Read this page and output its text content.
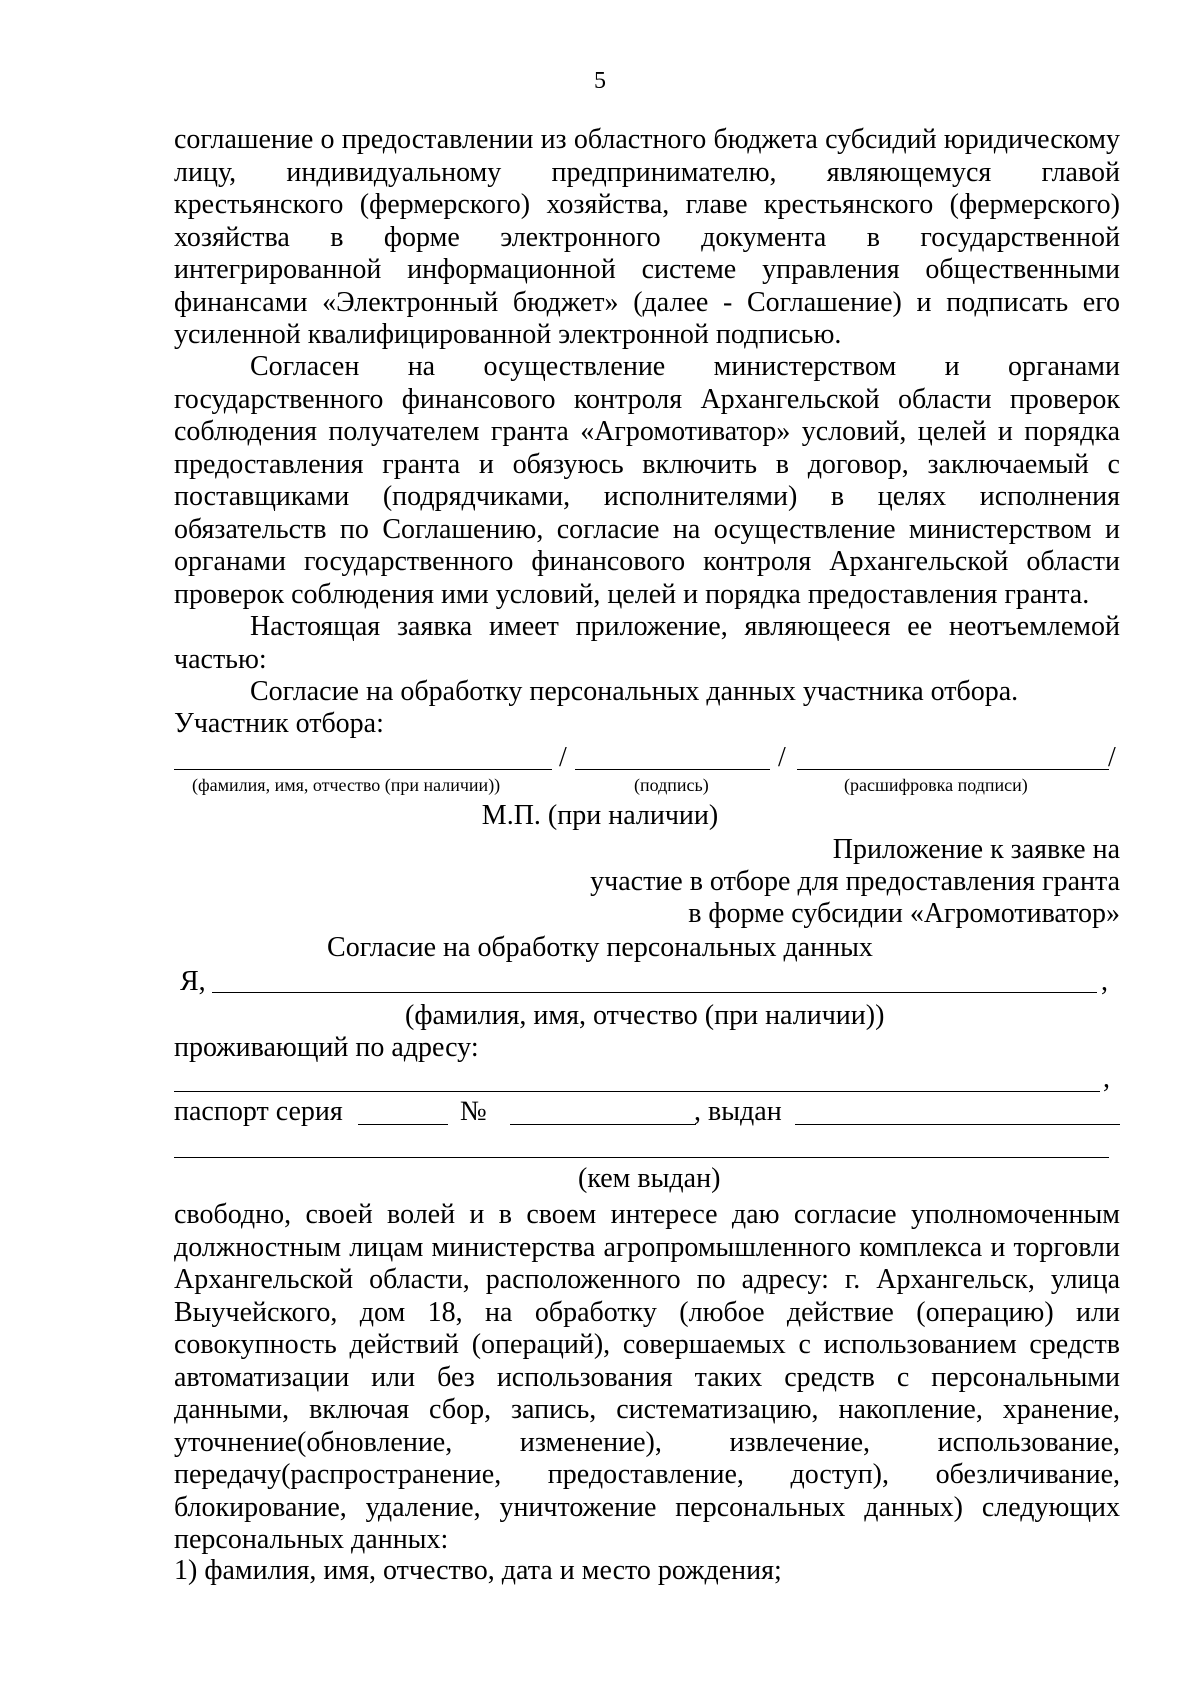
5
соглашение о предоставлении из областного бюджета субсидий юридическому лицу, индивидуальному предпринимателю, являющемуся главой крестьянского (фермерского) хозяйства, главе крестьянского (фермерского) хозяйства в форме электронного документа в государственной интегрированной информационной системе управления общественными финансами «Электронный бюджет» (далее - Соглашение) и подписать его усиленной квалифицированной электронной подписью.
Согласен на осуществление министерством и органами государственного финансового контроля Архангельской области проверок соблюдения получателем гранта «Агромотиватор» условий, целей и порядка предоставления гранта и обязуюсь включить в договор, заключаемый с поставщиками (подрядчиками, исполнителями) в целях исполнения обязательств по Соглашению, согласие на осуществление министерством и органами государственного финансового контроля Архангельской области проверок соблюдения ими условий, целей и порядка предоставления гранта.
Настоящая заявка имеет приложение, являющееся ее неотъемлемой частью:
Согласие на обработку персональных данных участника отбора.
Участник отбора:
/	/	/
(фамилия, имя, отчество (при наличии))	(подпись)	(расшифровка подписи)
М.П. (при наличии)
Приложение к заявке на
участие в отборе для предоставления гранта
в форме субсидии «Агромотиватор»
Согласие на обработку персональных данных
Я,	,
(фамилия, имя, отчество (при наличии))
проживающий по адресу:
,
паспорт серия	№	, выдан
(кем выдан)
свободно, своей волей и в своем интересе даю согласие уполномоченным должностным лицам министерства агропромышленного комплекса и торговли Архангельской области, расположенного по адресу: г. Архангельск, улица Выучейского, дом 18, на обработку (любое действие (операцию) или совокупность действий (операций), совершаемых с использованием средств автоматизации или без использования таких средств с персональными данными, включая сбор, запись, систематизацию, накопление, хранение, уточнение(обновление, изменение), извлечение, использование, передачу(распространение, предоставление, доступ), обезличивание, блокирование, удаление, уничтожение персональных данных) следующих персональных данных:
1) фамилия, имя, отчество, дата и место рождения;
